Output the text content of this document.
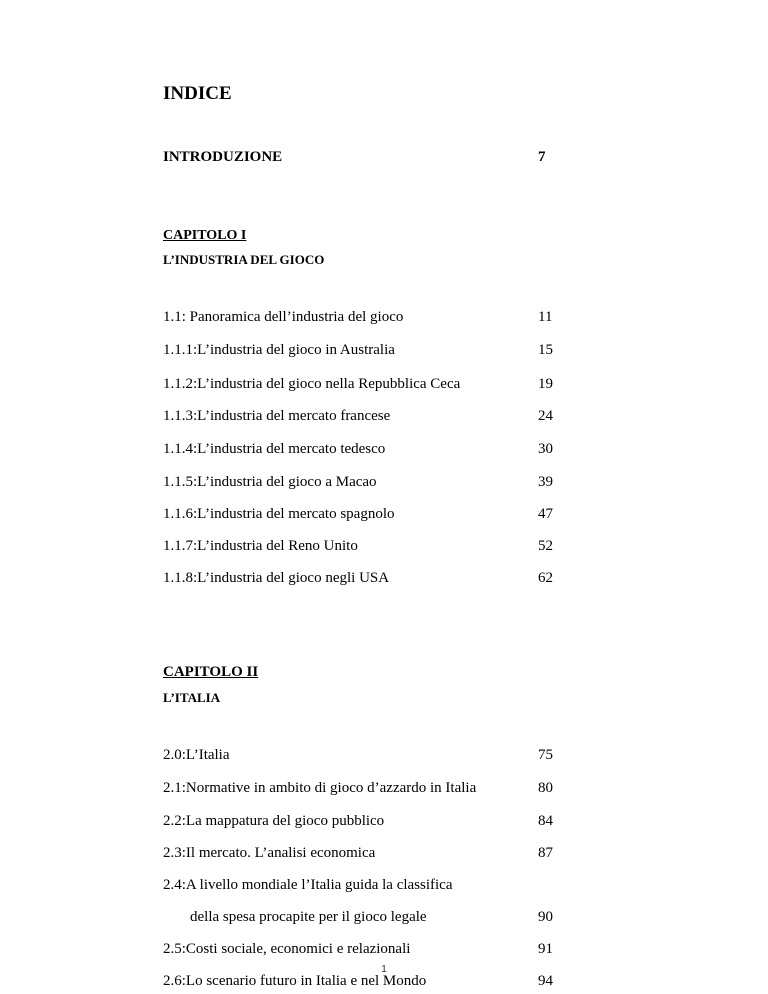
INDICE
INTRODUZIONE	7
CAPITOLO I
L’INDUSTRIA DEL GIOCO
1.1: Panoramica dell’industria del gioco	11
1.1.1:L’industria del gioco in Australia	15
1.1.2:L’industria del gioco nella Repubblica Ceca	19
1.1.3:L’industria del mercato francese	24
1.1.4:L’industria del mercato tedesco	30
1.1.5:L’industria del gioco a Macao	39
1.1.6:L’industria del mercato spagnolo	47
1.1.7:L’industria del Reno Unito	52
1.1.8:L’industria del gioco negli USA	62
CAPITOLO II
L’ITALIA
2.0:L’Italia	75
2.1:Normative in ambito di gioco d’azzardo in Italia	80
2.2:La mappatura del gioco pubblico	84
2.3:Il mercato. L’analisi economica	87
2.4:A livello mondiale l’Italia guida la classifica
della spesa procapite per il gioco legale	90
2.5:Costi sociale, economici e relazionali	91
2.6:Lo scenario futuro in Italia e nel Mondo	94
1
